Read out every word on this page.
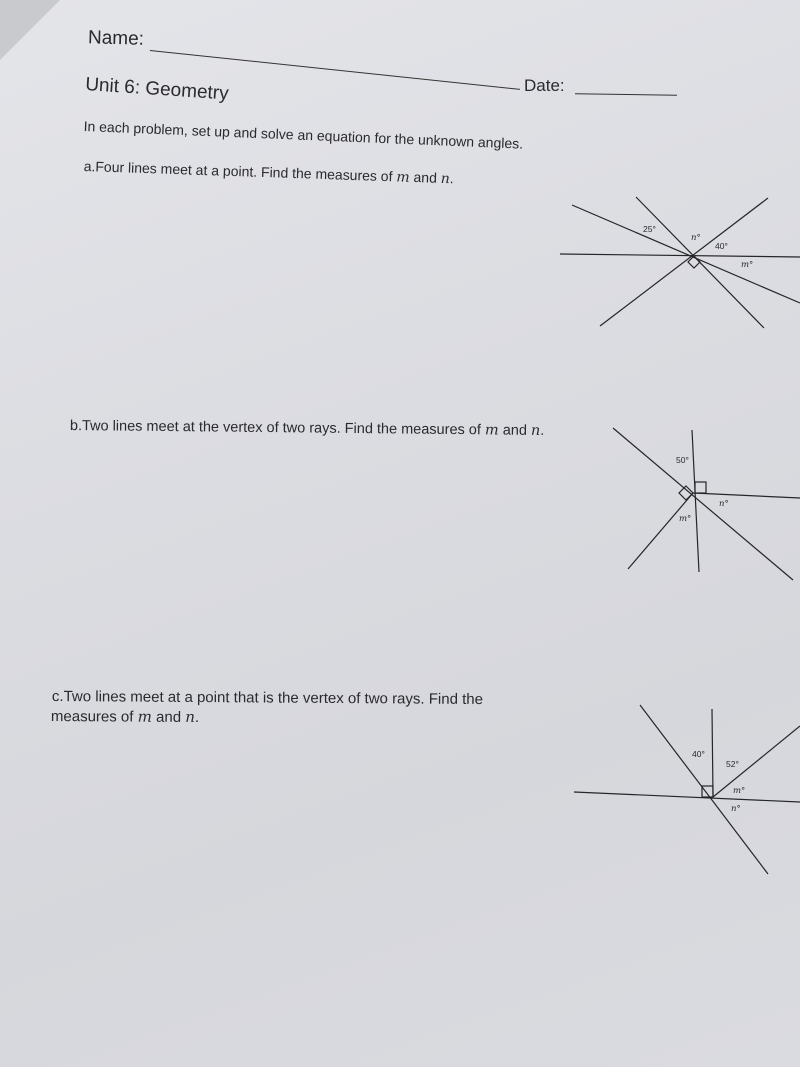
Name:
Date:
Unit 6: Geometry
In each problem, set up and solve an equation for the unknown angles.
a.Four lines meet at a point. Find the measures of m and n.
b.Two lines meet at the vertex of two rays. Find the measures of m and n.
c.Two lines meet at a point that is the vertex of two rays. Find the
measures of m and n.
25°
n°
40°
m°
50°
n°
m°
40°
52°
m°
n°
